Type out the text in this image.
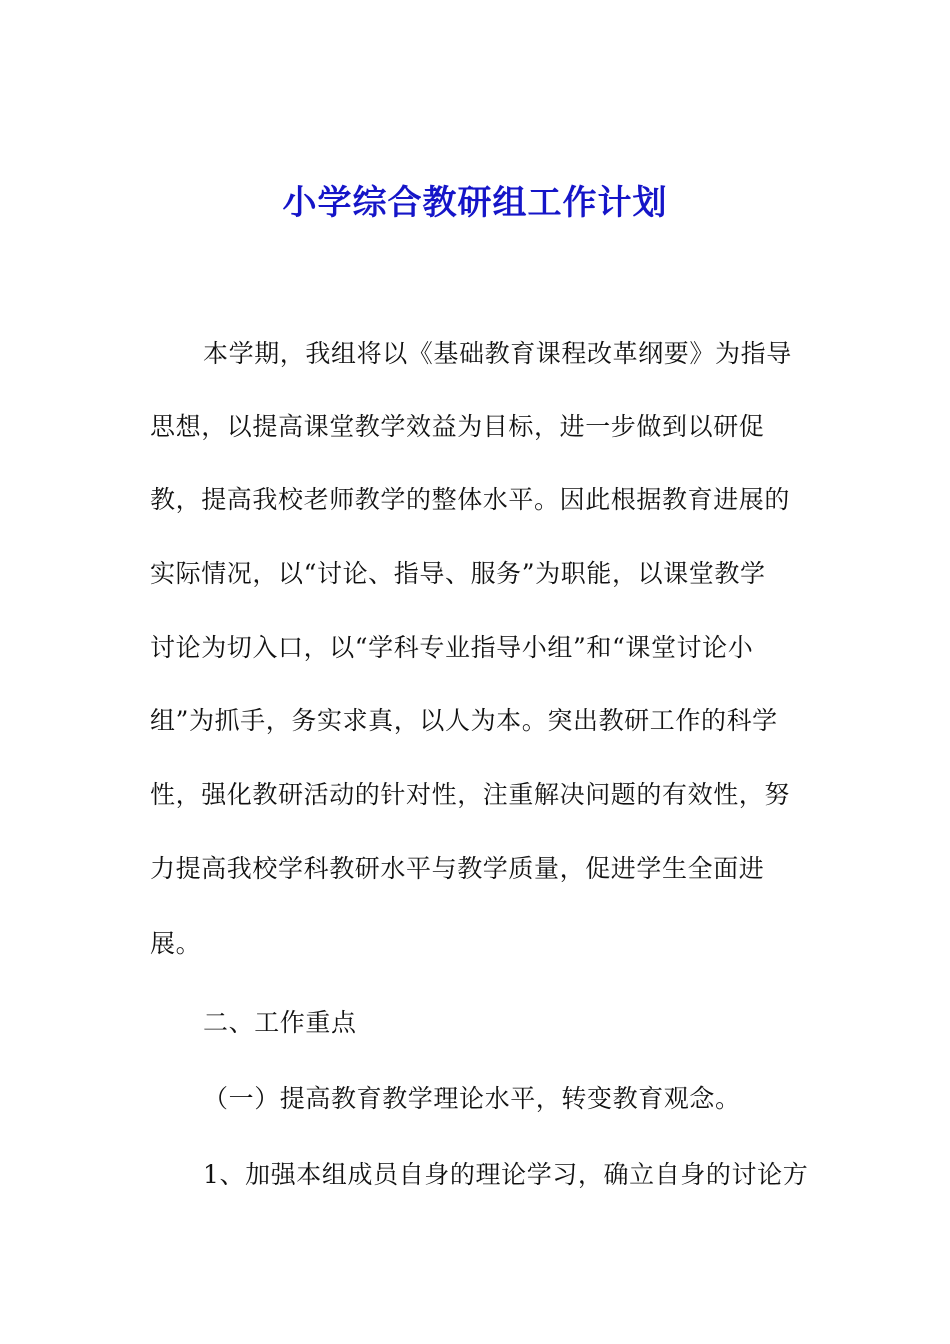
小学综合教研组工作计划
本学期，我组将以《基础教育课程改革纲要》为指导
思想，以提高课堂教学效益为目标，进一步做到以研促
教，提高我校老师教学的整体水平。因此根据教育进展的
实际情况，以“讨论、指导、服务”为职能，以课堂教学
讨论为切入口，以“学科专业指导小组”和“课堂讨论小
组”为抓手，务实求真，以人为本。突出教研工作的科学
性，强化教研活动的针对性，注重解决问题的有效性，努
力提高我校学科教研水平与教学质量，促进学生全面进
展。
二、工作重点
（一）提高教育教学理论水平，转变教育观念。
1、加强本组成员自身的理论学习，确立自身的讨论方
